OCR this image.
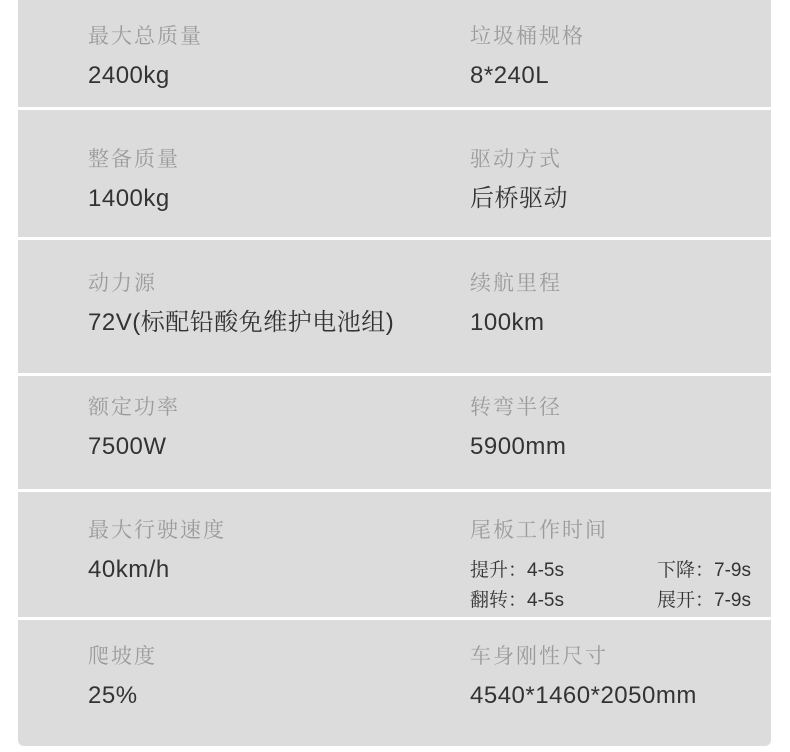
最大总质量
2400kg
垃圾桶规格
8*240L
整备质量
1400kg
驱动方式
后桥驱动
动力源
72V(标配铅酸免维护电池组)
续航里程
100km
额定功率
7500W
转弯半径
5900mm
最大行驶速度
40km/h
尾板工作时间
提升：4-5s	下降：7-9s
翻转：4-5s	展开：7-9s
爬坡度
25%
车身刚性尺寸
4540*1460*2050mm
